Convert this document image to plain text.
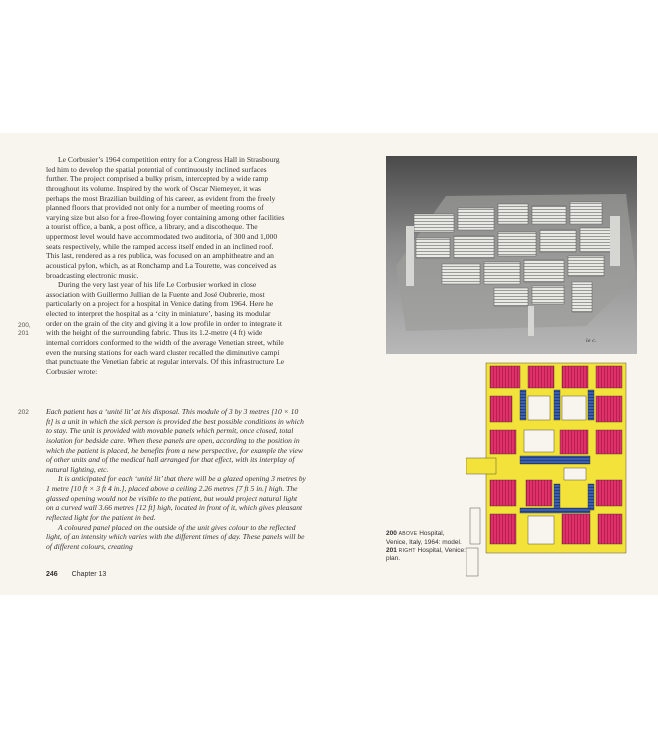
200,
201
202

Le Corbusier’s 1964 competition entry for a Congress Hall in Strasbourg led him to develop the spatial potential of continuously inclined surfaces further. The project comprised a bulky prism, intercepted by a wide ramp throughout its volume. Inspired by the work of Oscar Niemeyer, it was perhaps the most Brazilian building of his career, as evident from the freely planned floors that provided not only for a number of meeting rooms of varying size but also for a free-flowing foyer containing among other facilities a tourist office, a bank, a post office, a library, and a discotheque. The uppermost level would have accommodated two auditoria, of 300 and 1,000 seats respectively, while the ramped access itself ended in an inclined roof. This last, rendered as a res publica, was focused on an amphitheatre and an acoustical pylon, which, as at Ronchamp and La Tourette, was conceived as broadcasting electronic music.

During the very last year of his life Le Corbusier worked in close association with Guillermo Jullian de la Fuente and José Oubrerie, most particularly on a project for a hospital in Venice dating from 1964. Here he elected to interpret the hospital as a ‘city in miniature’, basing its modular order on the grain of the city and giving it a low profile in order to integrate it with the height of the surrounding fabric. Thus its 1.2-metre (4 ft) wide internal corridors conformed to the width of the average Venetian street, while even the nursing stations for each ward cluster recalled the diminutive campi that punctuate the Venetian fabric at regular intervals. Of this infrastructure Le Corbusier wrote:

Each patient has a ‘unité lit’ at his disposal. This module of 3 by 3 metres [10 × 10 ft] is a unit in which the sick person is provided the best possible conditions in which to stay. The unit is provided with movable panels which permit, once closed, total isolation for bedside care. When these panels are open, according to the position in which the patient is placed, he benefits from a new perspective, for example the view of other units and of the medical hall arranged for that effect, with its interplay of natural lighting, etc.

It is anticipated for each ‘unité lit’ that there will be a glazed opening 3 metres by 1 metre [10 ft × 3 ft 4 in.], placed above a ceiling 2.26 metres [7 ft 5 in.] high. The glassed opening would not be visible to the patient, but would project natural light on a curved wall 3.66 metres [12 ft] high, located in front of it, which gives pleasant reflected light for the patient in bed.

A coloured panel placed on the outside of the unit gives colour to the reflected light, of an intensity which varies with the different times of day. These panels will be of different colours, creating

246 Chapter 13
le c.
200 ABOVE Hospital, Venice, Italy, 1964: model.
201 RIGHT Hospital, Venice: plan.
